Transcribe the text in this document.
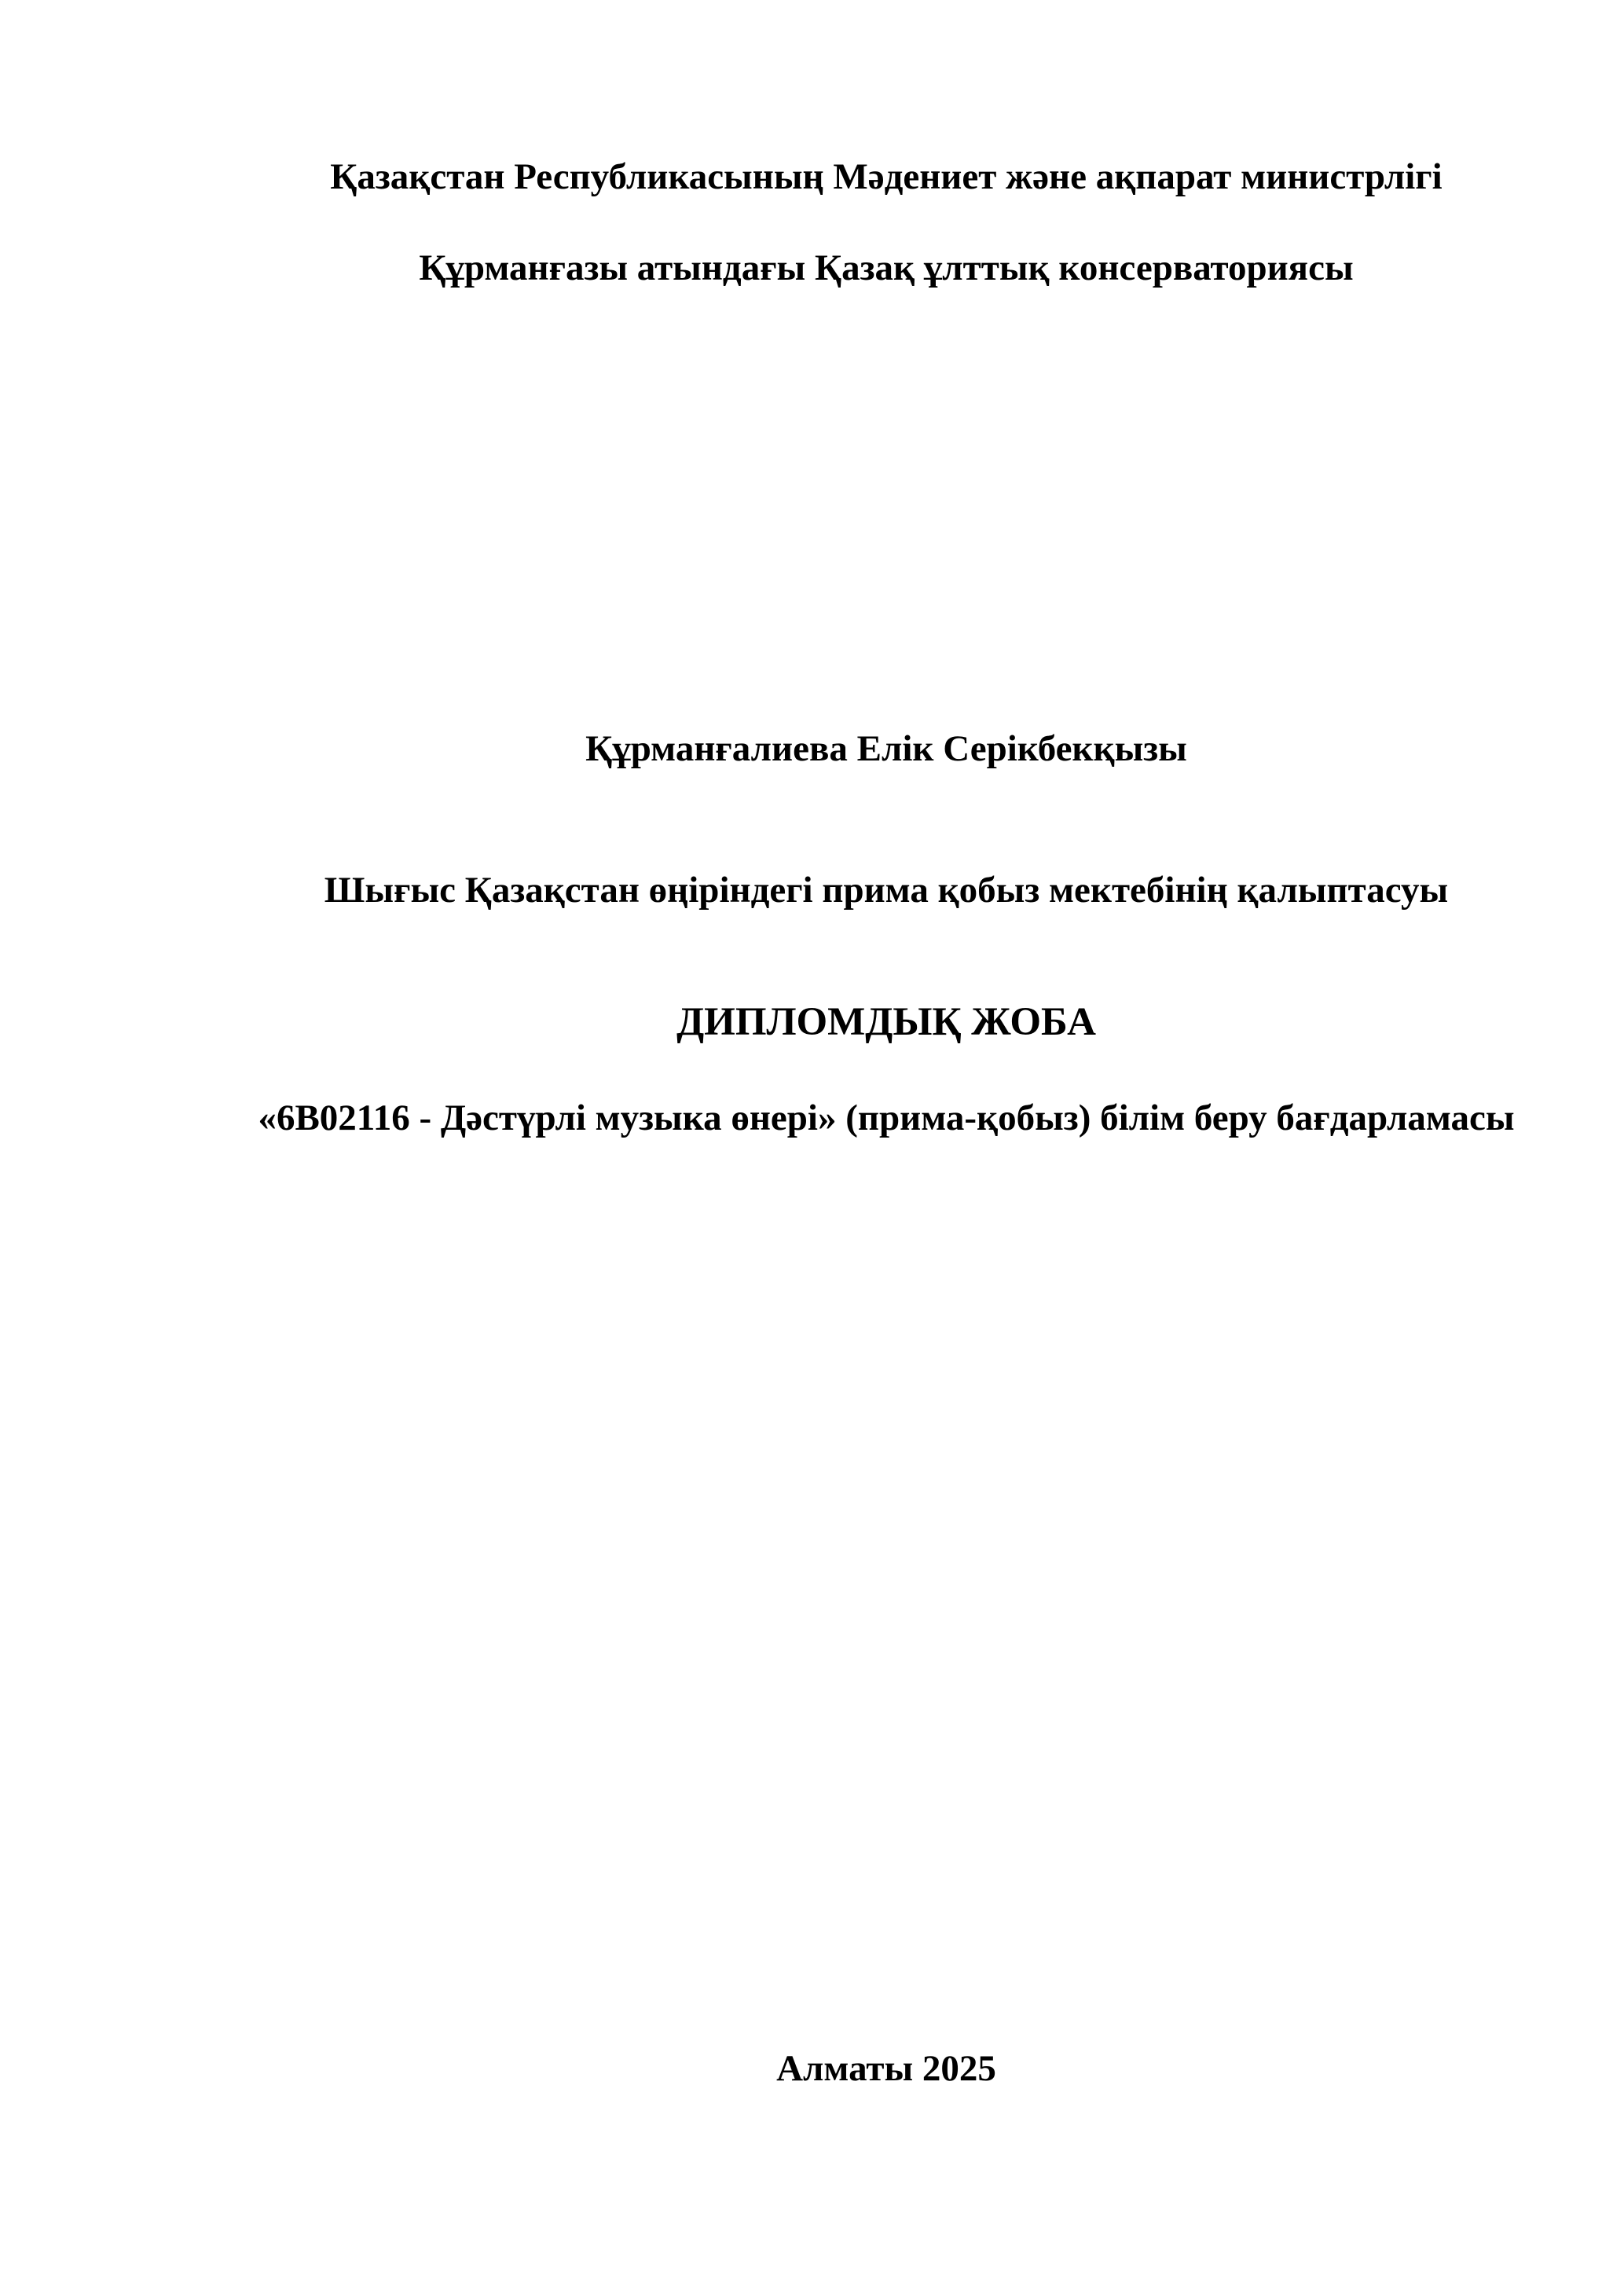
Қазақстан Республикасының Мәдениет және ақпарат министрлігі
Құрманғазы атындағы Қазақ ұлттық консерваториясы
Құрманғалиева Елік Серікбекқызы
Шығыс Қазақстан өңіріндегі прима қобыз мектебінің қалыптасуы
ДИПЛОМДЫҚ ЖОБА
«6B02116 - Дәстүрлі музыка өнері» (прима-қобыз) білім беру бағдарламасы
Алматы 2025
